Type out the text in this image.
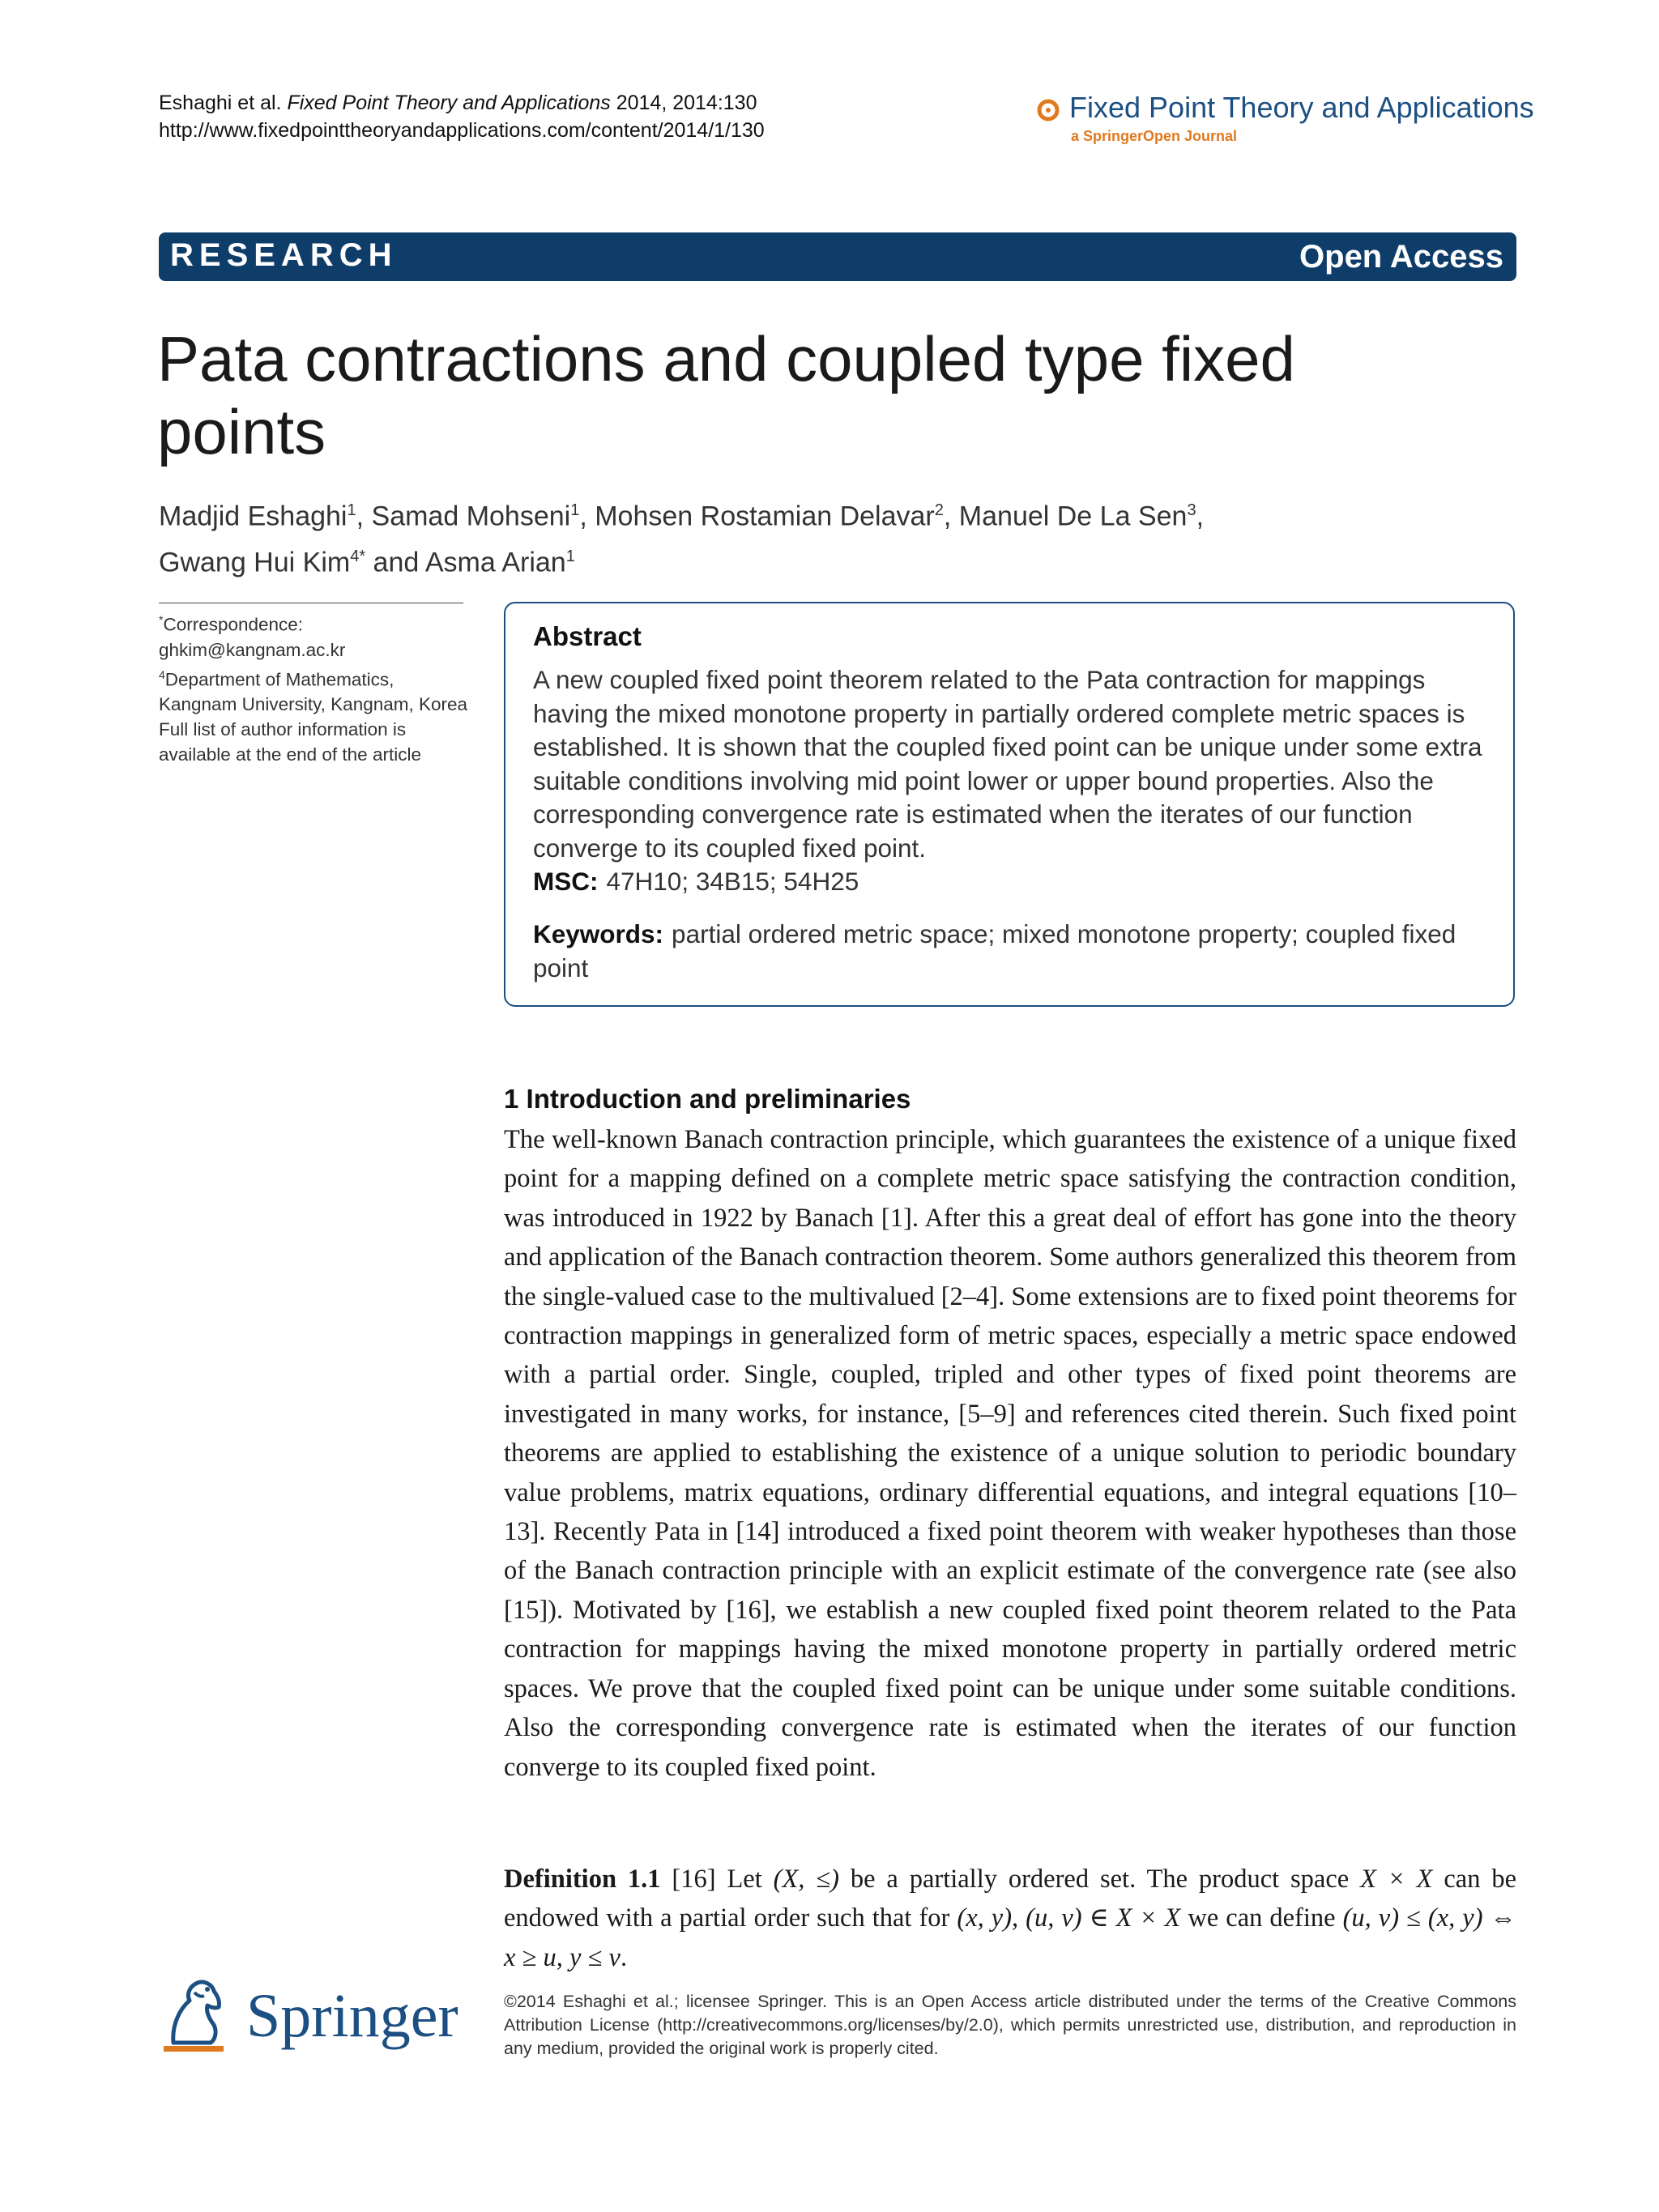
Eshaghi et al. Fixed Point Theory and Applications 2014, 2014:130
http://www.fixedpointtheoryandapplications.com/content/2014/1/130
Fixed Point Theory and Applications
a SpringerOpen Journal
RESEARCH	Open Access
Pata contractions and coupled type fixed points
Madjid Eshaghi$^1$, Samad Mohseni$^1$, Mohsen Rostamian Delavar$^2$, Manuel De La Sen$^3$,
Gwang Hui Kim$^{4*}$ and Asma Arian$^1$
*Correspondence:
ghkim@kangnam.ac.kr
$^4$Department of Mathematics, Kangnam University, Kangnam, Korea
Full list of author information is available at the end of the article
Abstract
A new coupled fixed point theorem related to the Pata contraction for mappings having the mixed monotone property in partially ordered complete metric spaces is established. It is shown that the coupled fixed point can be unique under some extra suitable conditions involving mid point lower or upper bound properties. Also the corresponding convergence rate is estimated when the iterates of our function converge to its coupled fixed point.
MSC: 47H10; 34B15; 54H25
Keywords: partial ordered metric space; mixed monotone property; coupled fixed point
1 Introduction and preliminaries
The well-known Banach contraction principle, which guarantees the existence of a unique fixed point for a mapping defined on a complete metric space satisfying the contraction condition, was introduced in 1922 by Banach [1]. After this a great deal of effort has gone into the theory and application of the Banach contraction theorem. Some authors generalized this theorem from the single-valued case to the multivalued [2–4]. Some extensions are to fixed point theorems for contraction mappings in generalized form of metric spaces, especially a metric space endowed with a partial order. Single, coupled, tripled and other types of fixed point theorems are investigated in many works, for instance, [5–9] and references cited therein. Such fixed point theorems are applied to establishing the existence of a unique solution to periodic boundary value problems, matrix equations, ordinary differential equations, and integral equations [10–13]. Recently Pata in [14] introduced a fixed point theorem with weaker hypotheses than those of the Banach contraction principle with an explicit estimate of the convergence rate (see also [15]). Motivated by [16], we establish a new coupled fixed point theorem related to the Pata contraction for mappings having the mixed monotone property in partially ordered metric spaces. We prove that the coupled fixed point can be unique under some suitable conditions. Also the corresponding convergence rate is estimated when the iterates of our function converge to its coupled fixed point.
Definition 1.1 [16] Let (X, ≤) be a partially ordered set. The product space X × X can be endowed with a partial order such that for (x, y), (u, v) ∈ X × X we can define (u, v) ≤ (x, y) ⇔ x ≥ u, y ≤ v.
Springer	©2014 Eshaghi et al.; licensee Springer. This is an Open Access article distributed under the terms of the Creative Commons Attribution License (http://creativecommons.org/licenses/by/2.0), which permits unrestricted use, distribution, and reproduction in any medium, provided the original work is properly cited.
